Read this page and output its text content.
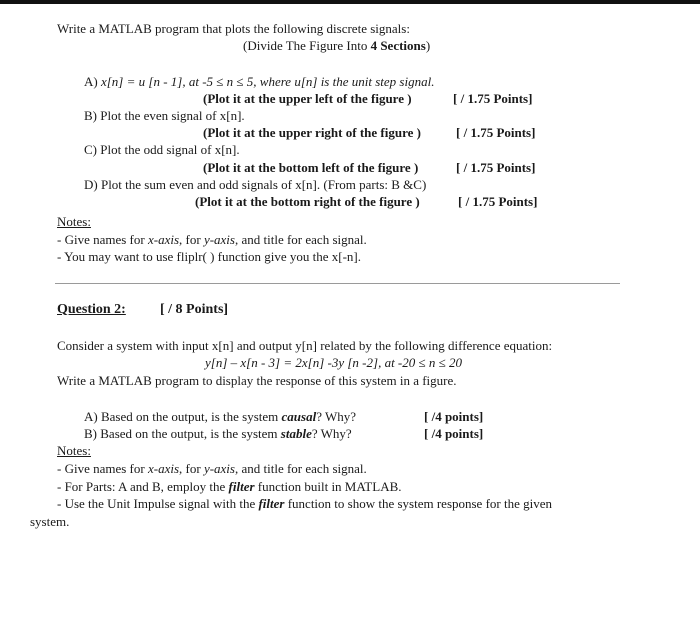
Write a MATLAB program that plots the following discrete signals:
(Divide The Figure Into 4 Sections)
A) x[n] = u [n - 1], at -5 ≤ n ≤ 5, where u[n] is the unit step signal.
(Plot it at the upper left of the figure )	[ / 1.75 Points]
B) Plot the even signal of x[n].
(Plot it at the upper right of the figure )	[ / 1.75 Points]
C) Plot the odd signal of x[n].
(Plot it at the bottom left of the figure )	[ / 1.75 Points]
D) Plot the sum even and odd signals of x[n]. (From parts: B &C)
(Plot it at the bottom right of the figure )	[ / 1.75 Points]
Notes:
- Give names for x-axis, for y-axis, and title for each signal.
- You may want to use fliplr( ) function give you the x[-n].
Question 2: [ / 8 Points]
Consider a system with input x[n] and output y[n] related by the following difference equation:
y[n] – x[n - 3] = 2x[n] -3y [n -2], at -20 ≤ n ≤ 20
Write a MATLAB program to display the response of this system in a figure.
A) Based on the output, is the system causal? Why?	[ /4 points]
B) Based on the output, is the system stable? Why?	[ /4 points]
Notes:
- Give names for x-axis, for y-axis, and title for each signal.
- For Parts: A and B, employ the filter function built in MATLAB.
- Use the Unit Impulse signal with the filter function to show the system response for the given
system.
